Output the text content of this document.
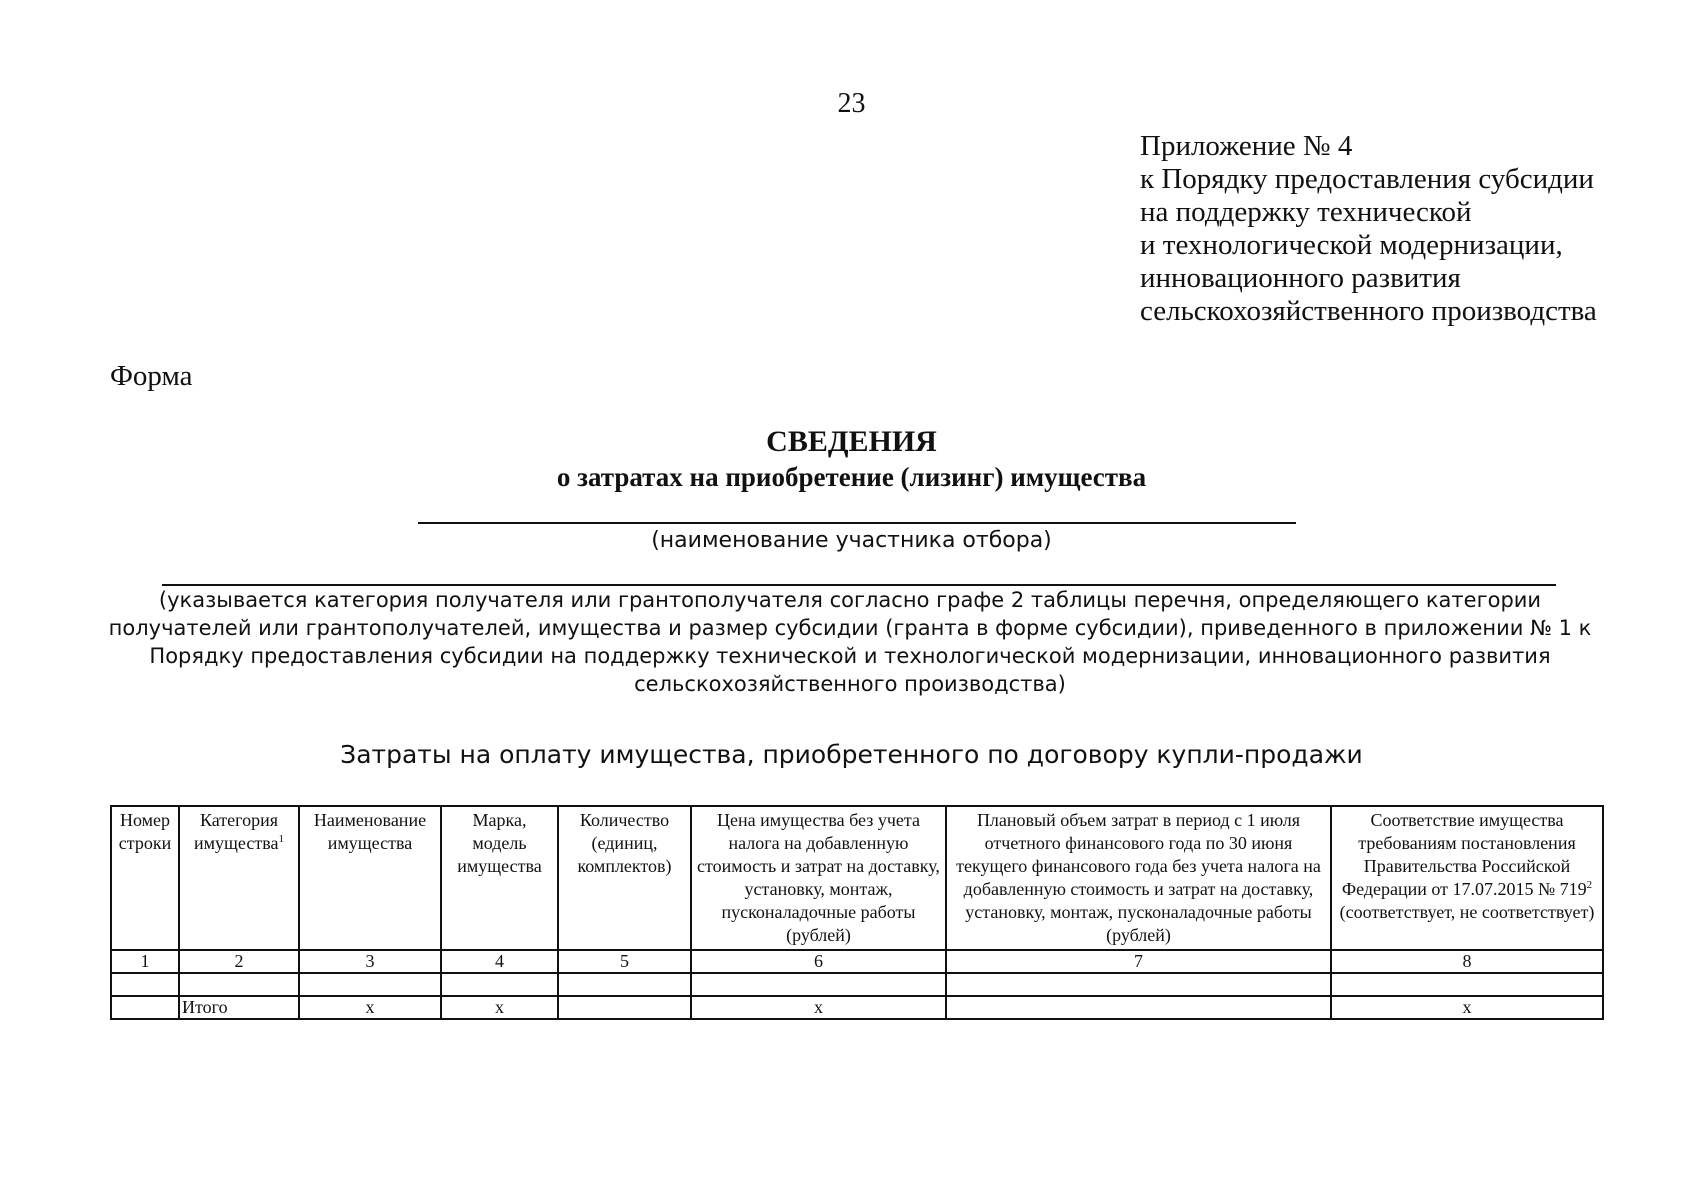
23
Приложение № 4
к Порядку предоставления субсидии
на поддержку технической
и технологической модернизации,
инновационного развития
сельскохозяйственного производства
Форма
СВЕДЕНИЯ
о затратах на приобретение (лизинг) имущества
(наименование участника отбора)
(указывается категория получателя или грантополучателя согласно графе 2 таблицы перечня, определяющего категории получателей или грантополучателей, имущества и размер субсидии (гранта в форме субсидии), приведенного в приложении № 1 к Порядку предоставления субсидии на поддержку технической и технологической модернизации, инновационного развития сельскохозяйственного производства)
Затраты на оплату имущества, приобретенного по договору купли-продажи
Номер строки	Категория имущества$^1$	Наименование имущества	Марка, модель имущества	Количество (единиц, комплектов)	Цена имущества без учета налога на добавленную стоимость и затрат на доставку, установку, монтаж, пусконаладочные работы (рублей)	Плановый объем затрат в период с 1 июля отчетного финансового года по 30 июня текущего финансового года без учета налога на добавленную стоимость и затрат на доставку, установку, монтаж, пусконаладочные работы (рублей)	Соответствие имущества требованиям постановления Правительства Российской Федерации от 17.07.2015 № $719^2$ (соответствует, не соответствует)
1	2	3	4	5	6	7	8

	Итого	x	x		x		x
